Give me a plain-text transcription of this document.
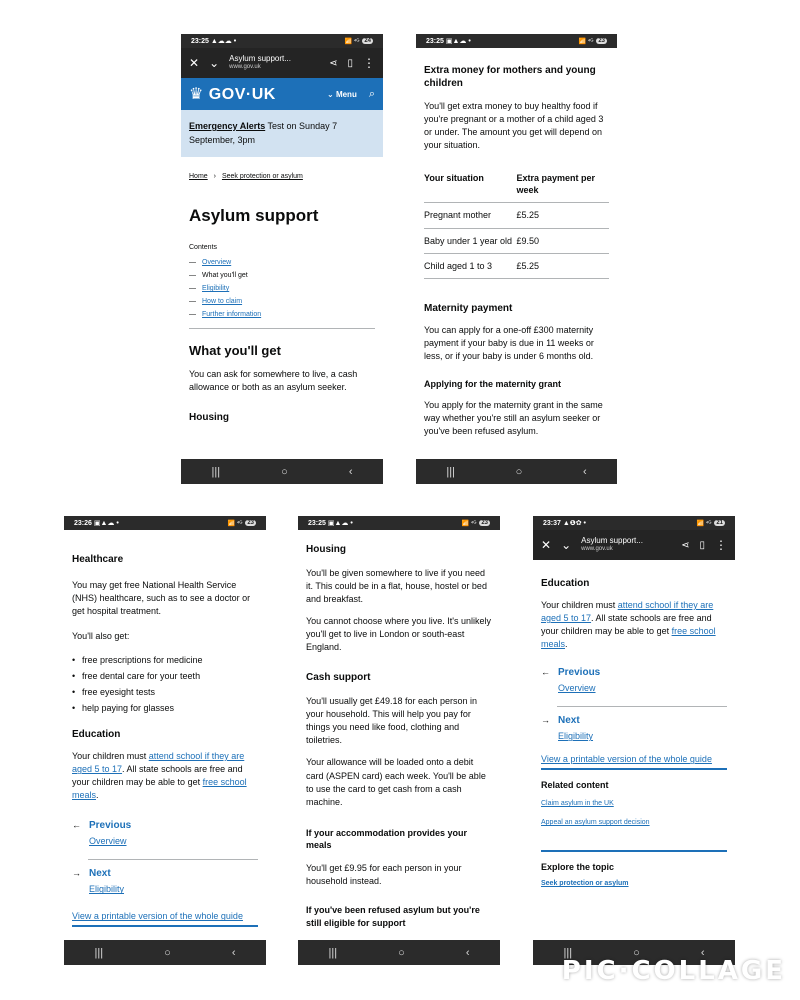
23:25 ▲☁☁ •	📶 ⁴ᴳ 24
✕ ⌄ Asylum support...
www.gov.uk	⋖ ▯ ⋮
♛ GOV·UK	⌄ Menu ⌕
Emergency Alerts Test on Sunday 7 September, 3pm
Home › Seek protection or asylum
Asylum support
Contents
— Overview
— What you'll get
— Eligibility
— How to claim
— Further information
What you'll get
You can ask for somewhere to live, a cash allowance or both as an asylum seeker.
Housing
|||	○	‹
23:25 ▣▲☁ •	📶 ⁴ᴳ 23
Extra money for mothers and young children
You'll get extra money to buy healthy food if you're pregnant or a mother of a child aged 3 or under. The amount you get will depend on your situation.
Your situation	Extra payment per week
Pregnant mother	£5.25
Baby under 1 year old	£9.50
Child aged 1 to 3	£5.25
Maternity payment
You can apply for a one-off £300 maternity payment if your baby is due in 11 weeks or less, or if your baby is under 6 months old.
Applying for the maternity grant
You apply for the maternity grant in the same way whether you're still an asylum seeker or you've been refused asylum.
|||	○	‹
23:26 ▣▲☁ •	📶 ⁴ᴳ 23
Healthcare
You may get free National Health Service (NHS) healthcare, such as to see a doctor or get hospital treatment.
You'll also get:
• free prescriptions for medicine
• free dental care for your teeth
• free eyesight tests
• help paying for glasses
Education
Your children must attend school if they are aged 5 to 17. All state schools are free and your children may be able to get free school meals.
← Previous
Overview
→ Next
Eligibility
View a printable version of the whole guide
|||	○	‹
23:25 ▣▲☁ •	📶 ⁴ᴳ 23
Housing
You'll be given somewhere to live if you need it. This could be in a flat, house, hostel or bed and breakfast.
You cannot choose where you live. It's unlikely you'll get to live in London or south-east England.
Cash support
You'll usually get £49.18 for each person in your household. This will help you pay for things you need like food, clothing and toiletries.
Your allowance will be loaded onto a debit card (ASPEN card) each week. You'll be able to use the card to get cash from a cash machine.
If your accommodation provides your meals
You'll get £9.95 for each person in your household instead.
If you've been refused asylum but you're still eligible for support
|||	○	‹
23:37 ▲❶✿ •	📶 ⁴ᴳ 21
✕ ⌄ Asylum support...
www.gov.uk	⋖ ▯ ⋮
Education
Your children must attend school if they are aged 5 to 17. All state schools are free and your children may be able to get free school meals.
← Previous
Overview
→ Next
Eligibility
View a printable version of the whole guide
Related content
Claim asylum in the UK
Appeal an asylum support decision
Explore the topic
Seek protection or asylum
|||	○	‹
PIC·COLLAGE
